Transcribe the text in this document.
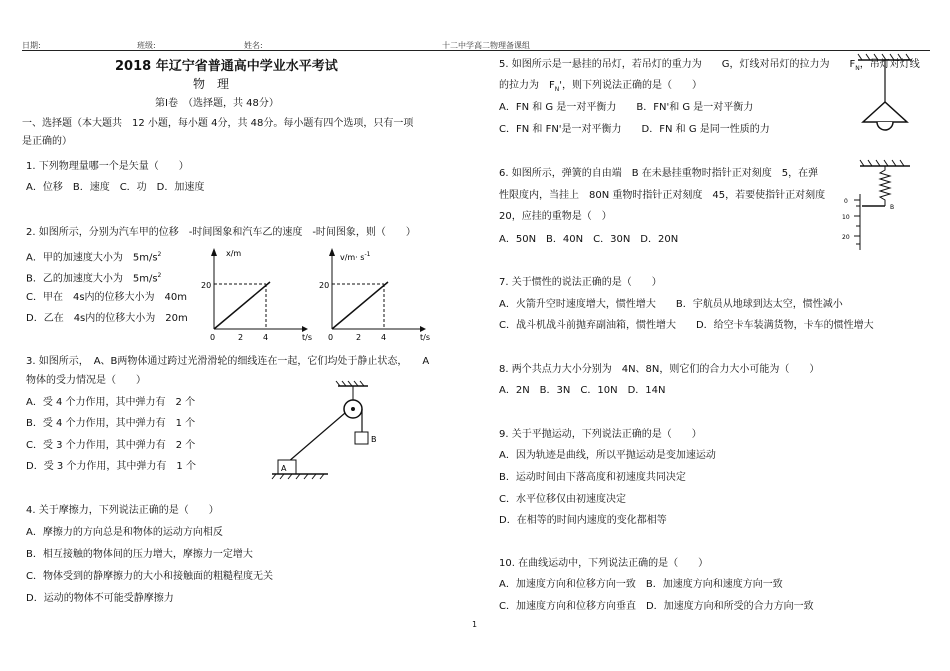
日期:	班级:	姓名:	十二中学高二物理备课组
2018 年辽宁省普通高中学业水平考试
物　理
第Ⅰ卷　（选择题，共 48分）
一、选择题（本大题共　12 小题，每小题 4分，共 48分。每小题有四个选项，只有一项
是正确的）
1. 下列物理量哪一个是矢量（　　）
A．位移　B．速度　C．功　D．加速度
2. 如图所示，分别为汽车甲的位移　-时间图象和汽车乙的速度　-时间图象，则（　　）
A．甲的加速度大小为　$5m/s^2$
B．乙的加速度大小为　$5m/s^2$
C．甲在　4s内的位移大小为　40m
D．乙在　4s内的位移大小为　20m
x/m
20
0	2 4	t/s
$v/m\cdot s^{-1}$
20
0	2 4	t/s
3. 如图所示，　A、B两物体通过跨过光滑滑轮的细线连在一起，它们均处于静止状态，　　A
物体的受力情况是（　　）
A．受 4 个力作用，其中弹力有　2 个
B．受 4 个力作用，其中弹力有　1 个
C．受 3 个力作用，其中弹力有　2 个
D．受 3 个力作用，其中弹力有　1 个
B
A
4. 关于摩擦力，下列说法正确的是（　　）
A．摩擦力的方向总是和物体的运动方向相反
B．相互接触的物体间的压力增大，摩擦力一定增大
C．物体受到的静摩擦力的大小和接触面的粗糙程度无关
D．运动的物体不可能受静摩擦力
5. 如图所示是一悬挂的吊灯，若吊灯的重力为　　G，灯线对吊灯的拉力为　　$F_N$，吊灯对灯线
的拉力为　$F_N'$，则下列说法正确的是（　　）
A．FN 和 G 是一对平衡力　　B．FN'和 G 是一对平衡力
C．FN 和 FN'是一对平衡力　　D．FN 和 G 是同一性质的力
6. 如图所示，弹簧的自由端　B 在未悬挂重物时指针正对刻度　5，在弹
性限度内，当挂上　80N 重物时指针正对刻度　45，若要使指针正对刻度
20，应挂的重物是（　）
A．50N　B．40N　C．30N　D．20N
B
0
10
20
7. 关于惯性的说法正确的是（　　）
A．火箭升空时速度增大，惯性增大　　B．宇航员从地球到达太空，惯性减小
C．战斗机战斗前抛弃副油箱，惯性增大　　D．给空卡车装满货物，卡车的惯性增大
8. 两个共点力大小分别为　4N、8N，则它们的合力大小可能为（　　）
A．2N　B．3N　C．10N　D．14N
9. 关于平抛运动，下列说法正确的是（　　）
A．因为轨迹是曲线，所以平抛运动是变加速运动
B．运动时间由下落高度和初速度共同决定
C．水平位移仅由初速度决定
D．在相等的时间内速度的变化都相等
10. 在曲线运动中，下列说法正确的是（　　）
A．加速度方向和位移方向一致　B．加速度方向和速度方向一致
C．加速度方向和位移方向垂直　D．加速度方向和所受的合力方向一致
1
